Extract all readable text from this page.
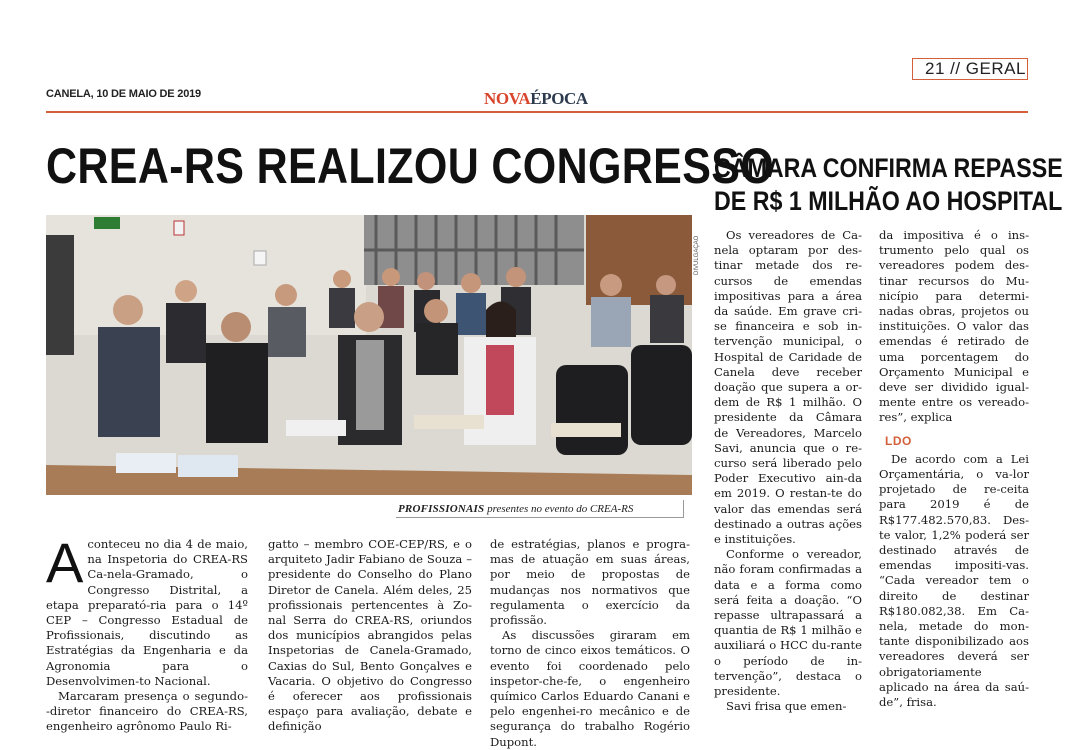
21 // GERAL
CANELA, 10 DE MAIO DE 2019	NOVAÉPOCA
CREA-RS REALIZOU CONGRESSO
CÂMARA CONFIRMA REPASSE
DE R$ 1 MILHÃO AO HOSPITAL
DIVULGAÇÃO
PROFISSIONAIS presentes no evento do CREA-RS

Aconteceu no dia 4 de maio, na Inspetoria do CREA-RS Ca-nela-Gramado, o Congresso Distrital, a etapa preparató-ria para o 14º CEP – Congresso Estadual de Profissionais, discutindo as Estratégias da Engenharia e da Agronomia para o Desenvolvimen-to Nacional.

Marcaram presença o segundo--diretor financeiro do CREA-RS, engenheiro agrônomo Paulo Ri-

gatto – membro COE-CEP/RS, e o arquiteto Jadir Fabiano de Souza – presidente do Conselho do Plano Diretor de Canela. Além deles, 25 profissionais pertencentes à Zo-nal Serra do CREA-RS, oriundos dos municípios abrangidos pelas Inspetorias de Canela-Gramado, Caxias do Sul, Bento Gonçalves e Vacaria. O objetivo do Congresso é oferecer aos profissionais espaço para avaliação, debate e definição

de estratégias, planos e progra-mas de atuação em suas áreas, por meio de propostas de mudanças nos normativos que regulamenta o exercício da profissão.

As discussões giraram em torno de cinco eixos temáticos. O evento foi coordenado pelo inspetor-che-fe, o engenheiro químico Carlos Eduardo Canani e pelo engenhei-ro mecânico e de segurança do trabalho Rogério Dupont.

Os vereadores de Ca-nela optaram por des-tinar metade dos re-cursos de emendas impositivas para a área da saúde. Em grave cri-se financeira e sob in-tervenção municipal, o Hospital de Caridade de Canela deve receber doação que supera a or-dem de R$ 1 milhão. O presidente da Câmara de Vereadores, Marcelo Savi, anuncia que o re-curso será liberado pelo Poder Executivo ain-da em 2019. O restan-te do valor das emendas será destinado a outras ações e instituições.

Conforme o vereador, não foram confirmadas a data e a forma como será feita a doação. “O repasse ultrapassará a quantia de R$ 1 milhão e auxiliará o HCC du-rante o período de in-tervenção”, destaca o presidente.

Savi frisa que emen-

da impositiva é o ins-trumento pelo qual os vereadores podem des-tinar recursos do Mu-nicípio para determi-nadas obras, projetos ou instituições. O valor das emendas é retirado de uma porcentagem do Orçamento Municipal e deve ser dividido igual-mente entre os vereado-res”, explica

LDO

De acordo com a Lei Orçamentária, o va-lor projetado de re-ceita para 2019 é de R$177.482.570,83. Des-te valor, 1,2% poderá ser destinado através de emendas impositi-vas. “Cada vereador tem o direito de destinar R$180.082,38. Em Ca-nela, metade do mon-tante disponibilizado aos vereadores deverá ser obrigatoriamente aplicado na área da saú-de”, frisa.
